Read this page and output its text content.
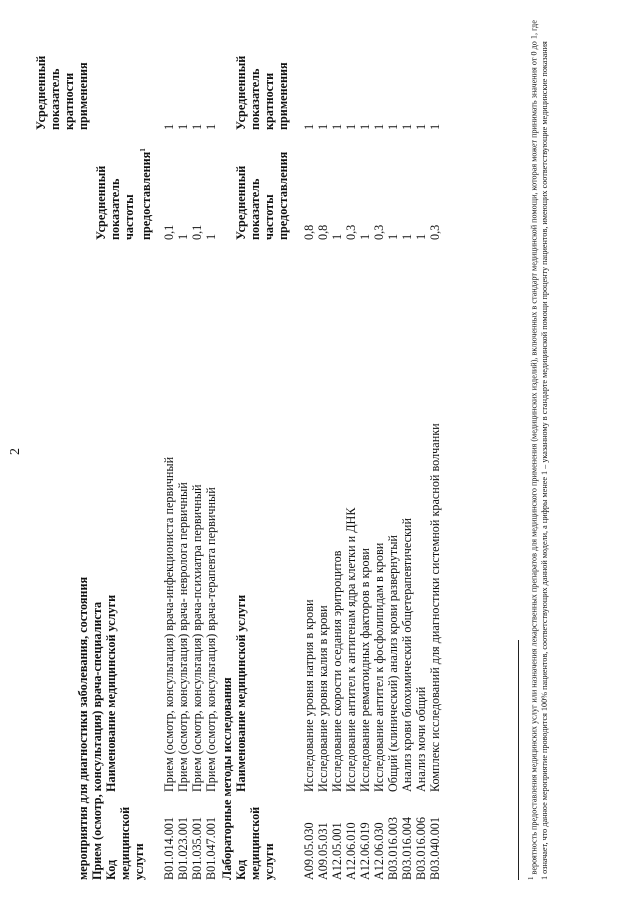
2
мероприятия для диагностики заболевания, состояния Прием (осмотр, консультация) врача-специалиста Код медицинской услуги
Наименование медицинской услуги
Усредненный показатель частоты предоставления$^1$
Усредненный показатель кратности применения
B01.014.001
Прием (осмотр, консультация) врача-инфекциониста первичный
0,1
1
B01.023.001
Прием (осмотр, консультация) врача- невролога первичный
1
1
B01.035.001
Прием (осмотр, консультация) врача-психиатра первичный
0,1
1
B01.047.001
Прием (осмотр, консультация) врача-терапевта первичный
1
1
Лабораторные методы исследования Код медицинской услуги
Наименование медицинской услуги
Усредненный показатель частоты предоставления
Усредненный показатель кратности применения
A09.05.030
Исследование уровня натрия в крови
0,8
1
A09.05.031
Исследование уровня калия в крови
0,8
1
A12.05.001
Исследование скорости оседания эритроцитов
1
1
A12.06.010
Исследование антител к антигенам ядра клетки и ДНК
0,3
1
A12.06.019
Исследование ревматоидных факторов в крови
1
1
A12.06.030
Исследование антител к фосфолипидам в крови
0,3
1
B03.016.003
Общий (клинический) анализ крови развернутый
1
1
B03.016.004
Анализ крови биохимический общетерапевтический
1
1
B03.016.006
Анализ мочи общий
1
1
B03.040.001
Комплекс исследований для диагностики системной красной волчанки
0,3
1
1 вероятность предоставления медицинских услуг или назначения лекарственных препаратов для медицинского применения (медицинских изделий), включенных в стандарт медицинской помощи, которая может принимать значения от 0 до 1, где 1 означает, что данное мероприятие проводится 100% пациентов, соответствующих данной модели, а цифры менее 1 – указанному в стандарте медицинской помощи проценту пациентов, имеющих соответствующие медицинские показания
